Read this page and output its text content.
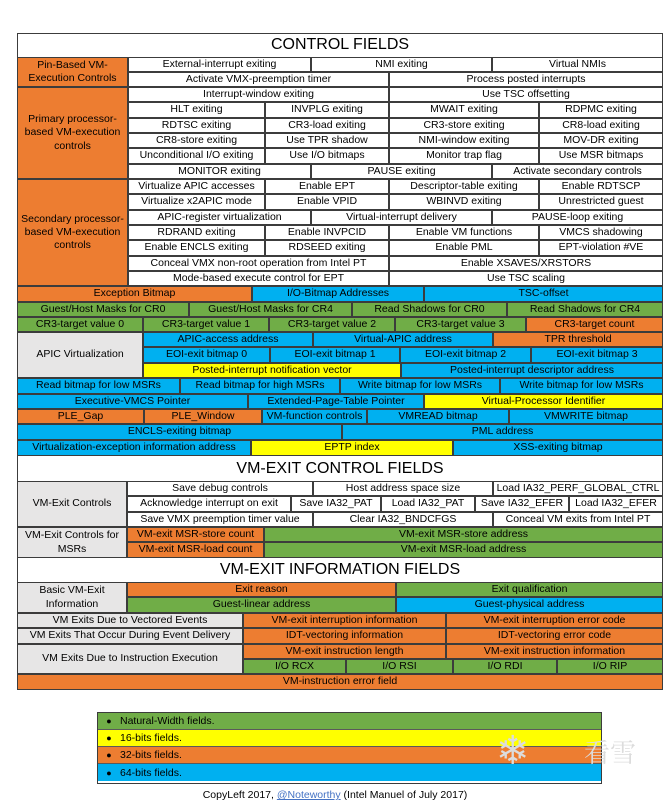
CONTROL FIELDS
Pin-Based VM-Execution Controls
External-interrupt exiting	NMI exiting	Virtual NMIs
Activate VMX-preemption timer	Process posted interrupts
Primary processor-based VM-execution controls
Interrupt-window exiting	Use TSC offsetting
HLT exiting	INVPLG exiting	MWAIT exiting	RDPMC exiting
RDTSC exiting	CR3-load exiting	CR3-store exiting	CR8-load exiting
CR8-store exiting	Use TPR shadow	NMI-window exiting	MOV-DR exiting
Unconditional I/O exiting	Use I/O bitmaps	Monitor trap flag	Use MSR bitmaps
MONITOR exiting	PAUSE exiting	Activate secondary controls
Secondary processor-based VM-execution controls
Virtualize APIC accesses	Enable EPT	Descriptor-table exiting	Enable RDTSCP
Virtualize x2APIC mode	Enable VPID	WBINVD exiting	Unrestricted guest
APIC-register virtualization	Virtual-interrupt delivery	PAUSE-loop exiting
RDRAND exiting	Enable INVPCID	Enable VM functions	VMCS shadowing
Enable ENCLS exiting	RDSEED exiting	Enable PML	EPT-violation #VE
Conceal VMX non-root operation from Intel PT	Enable XSAVES/XRSTORS
Mode-based execute control for EPT	Use TSC scaling
Exception Bitmap	I/O-Bitmap Addresses	TSC-offset
Guest/Host Masks for CR0	Guest/Host Masks for CR4	Read Shadows for CR0	Read Shadows for CR4
CR3-target value 0	CR3-target value 1	CR3-target value 2	CR3-target value 3	CR3-target count
APIC Virtualization
APIC-access address	Virtual-APIC address	TPR threshold
EOI-exit bitmap 0	EOI-exit bitmap 1	EOI-exit bitmap 2	EOI-exit bitmap 3
Posted-interrupt notification vector	Posted-interrupt descriptor address
Read bitmap for low MSRs	Read bitmap for high MSRs	Write bitmap for low MSRs	Write bitmap for low MSRs
Executive-VMCS Pointer	Extended-Page-Table Pointer	Virtual-Processor Identifier
PLE_Gap	PLE_Window	VM-function controls	VMREAD bitmap	VMWRITE bitmap
ENCLS-exiting bitmap	PML address
Virtualization-exception information address	EPTP index	XSS-exiting bitmap
VM-EXIT CONTROL FIELDS
VM-Exit Controls
Save debug controls	Host address space size	Load IA32_PERF_GLOBAL_CTRL
Acknowledge interrupt on exit	Save IA32_PAT	Load IA32_PAT	Save IA32_EFER	Load IA32_EFER
Save VMX preemption timer value	Clear IA32_BNDCFGS	Conceal VM exits from Intel PT
VM-Exit Controls for MSRs
VM-exit MSR-store count	VM-exit MSR-store address
VM-exit MSR-load count	VM-exit MSR-load address
VM-EXIT INFORMATION FIELDS
Basic VM-Exit Information
Exit reason	Exit qualification
Guest-linear address	Guest-physical address
VM Exits Due to Vectored Events	VM-exit interruption information	VM-exit interruption error code
VM Exits That Occur During Event Delivery	IDT-vectoring information	IDT-vectoring error code
VM Exits Due to Instruction Execution
VM-exit instruction length	VM-exit instruction information
I/O RCX	I/O RSI	I/O RDI	I/O RIP
VM-instruction error field
● Natural-Width fields.
● 16-bits fields.
● 32-bits fields.
● 64-bits fields.	❄ 看雪
CopyLeft 2017, @Noteworthy (Intel Manuel of July 2017)
